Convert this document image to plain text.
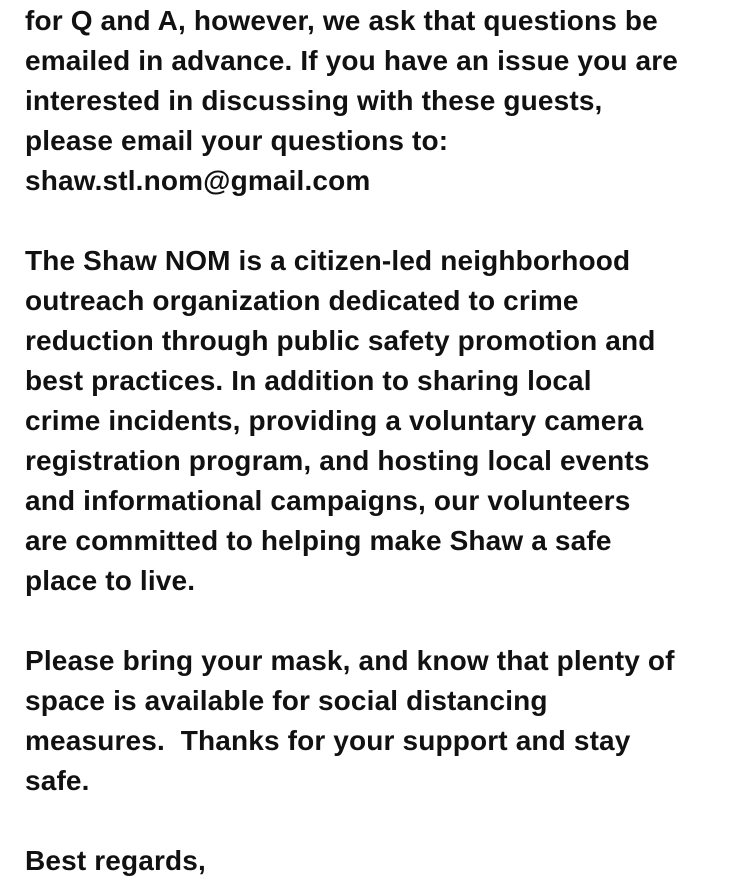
for Q and A, however, we ask that questions be
emailed in advance. If you have an issue you are
interested in discussing with these guests,
please email your questions to:
shaw.stl.nom@gmail.com
The Shaw NOM is a citizen-led neighborhood
outreach organization dedicated to crime
reduction through public safety promotion and
best practices. In addition to sharing local
crime incidents, providing a voluntary camera
registration program, and hosting local events
and informational campaigns, our volunteers
are committed to helping make Shaw a safe
place to live.
Please bring your mask, and know that plenty of
space is available for social distancing
measures.  Thanks for your support and stay
safe.
Best regards,
